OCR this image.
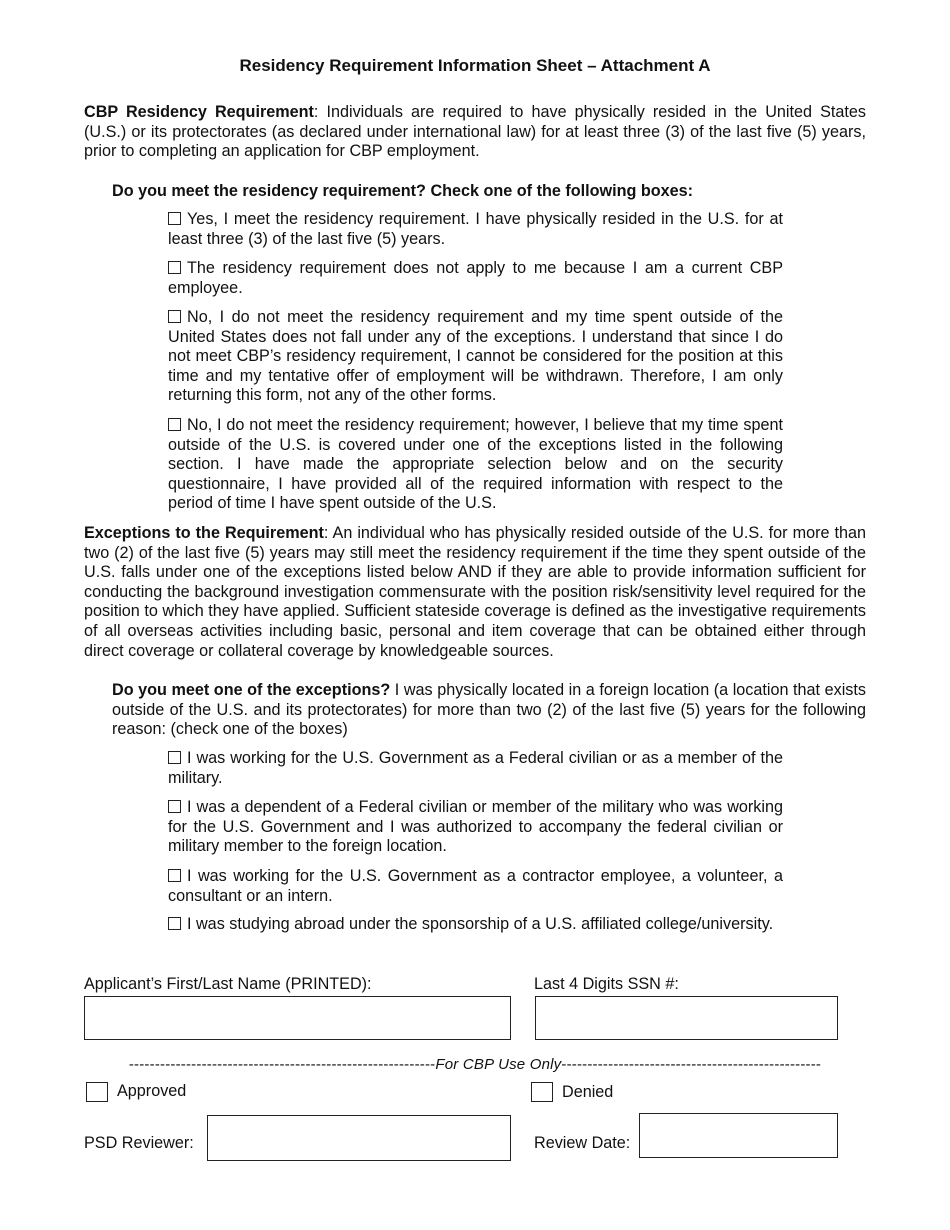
Residency Requirement Information Sheet – Attachment A
CBP Residency Requirement: Individuals are required to have physically resided in the United States (U.S.) or its protectorates (as declared under international law) for at least three (3) of the last five (5) years, prior to completing an application for CBP employment.
Do you meet the residency requirement? Check one of the following boxes:
Yes, I meet the residency requirement. I have physically resided in the U.S. for at least three (3) of the last five (5) years.
The residency requirement does not apply to me because I am a current CBP employee.
No, I do not meet the residency requirement and my time spent outside of the United States does not fall under any of the exceptions. I understand that since I do not meet CBP’s residency requirement, I cannot be considered for the position at this time and my tentative offer of employment will be withdrawn. Therefore, I am only returning this form, not any of the other forms.
No, I do not meet the residency requirement; however, I believe that my time spent outside of the U.S. is covered under one of the exceptions listed in the following section. I have made the appropriate selection below and on the security questionnaire, I have provided all of the required information with respect to the period of time I have spent outside of the U.S.
Exceptions to the Requirement: An individual who has physically resided outside of the U.S. for more than two (2) of the last five (5) years may still meet the residency requirement if the time they spent outside of the U.S. falls under one of the exceptions listed below AND if they are able to provide information sufficient for conducting the background investigation commensurate with the position risk/sensitivity level required for the position to which they have applied. Sufficient stateside coverage is defined as the investigative requirements of all overseas activities including basic, personal and item coverage that can be obtained either through direct coverage or collateral coverage by knowledgeable sources.
Do you meet one of the exceptions? I was physically located in a foreign location (a location that exists outside of the U.S. and its protectorates) for more than two (2) of the last five (5) years for the following reason: (check one of the boxes)
I was working for the U.S. Government as a Federal civilian or as a member of the military.
I was a dependent of a Federal civilian or member of the military who was working for the U.S. Government and I was authorized to accompany the federal civilian or military member to the foreign location.
I was working for the U.S. Government as a contractor employee, a volunteer, a consultant or an intern.
I was studying abroad under the sponsorship of a U.S. affiliated college/university.
Applicant’s First/Last Name (PRINTED):	Last 4 Digits SSN #:
-----------------------------------------------------------For CBP Use Only--------------------------------------------------
Approved	Denied
PSD Reviewer:	Review Date:
